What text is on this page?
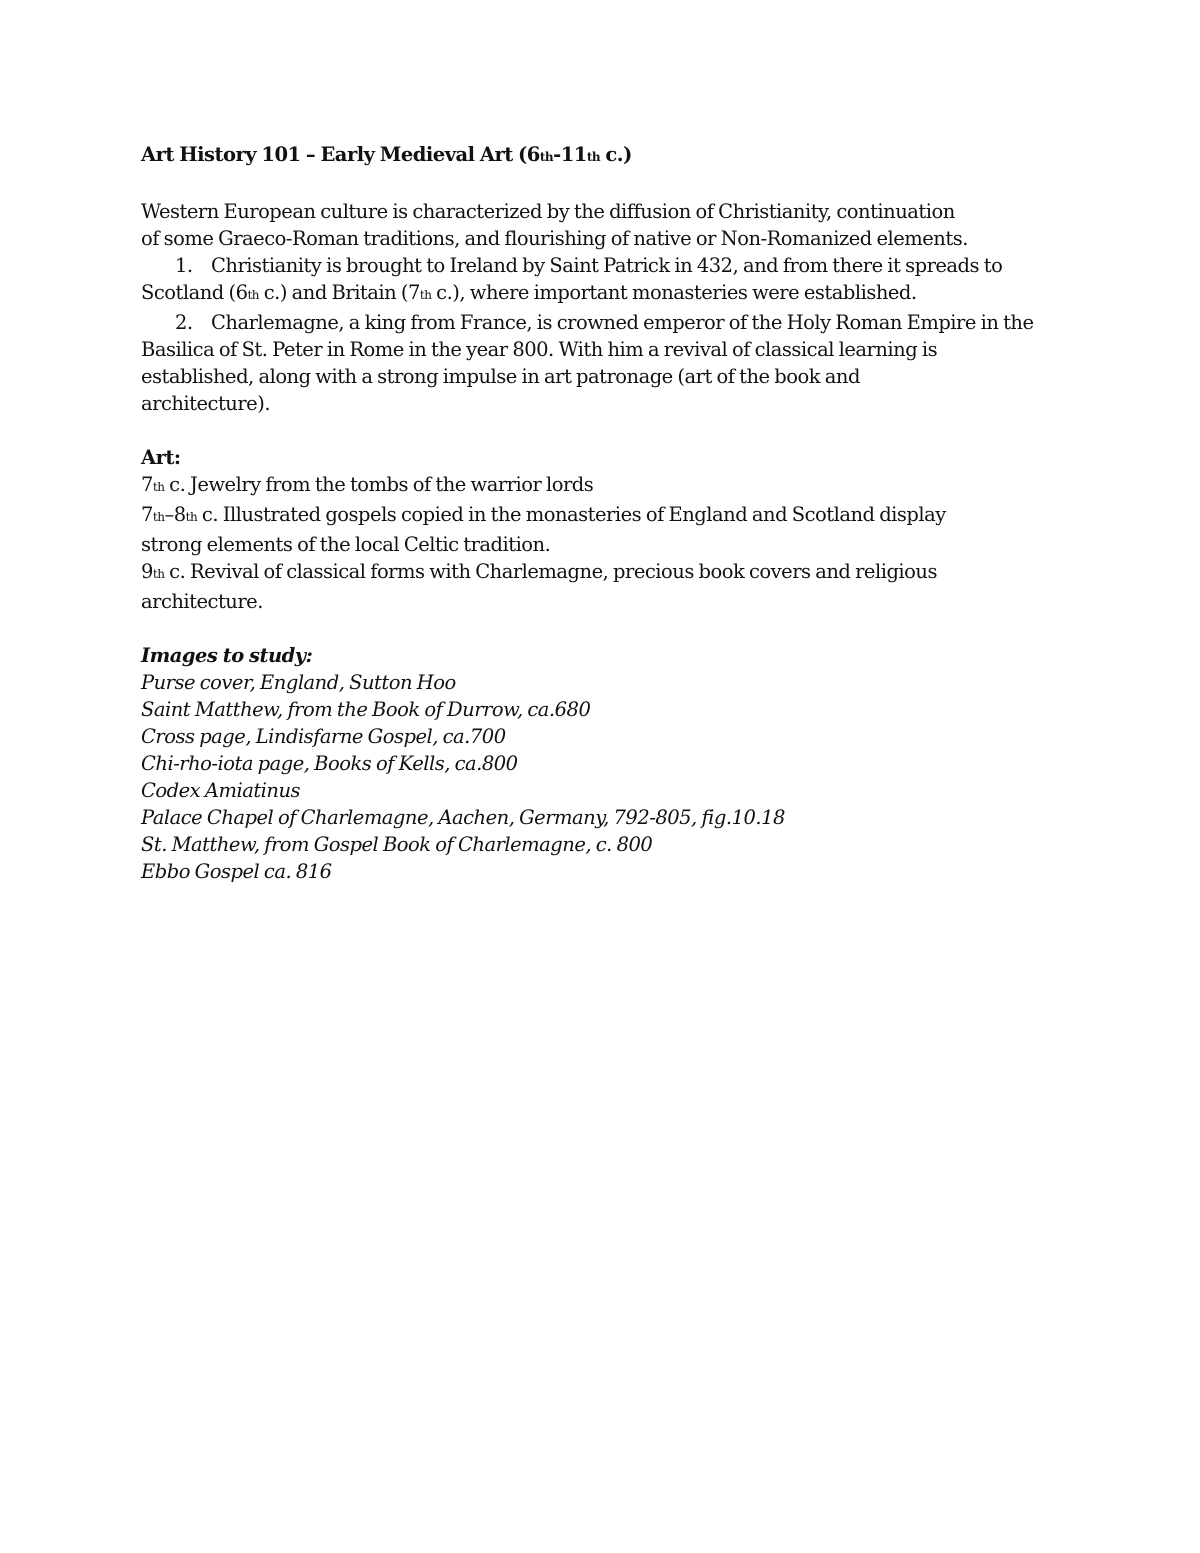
Art History 101 – Early Medieval Art (6th-11th c.)
Western European culture is characterized by the diffusion of Christianity, continuation
of some Graeco-Roman traditions, and flourishing of native or Non-Romanized elements.
1. Christianity is brought to Ireland by Saint Patrick in 432, and from there it spreads to
Scotland (6th c.) and Britain (7th c.), where important monasteries were established.
2. Charlemagne, a king from France, is crowned emperor of the Holy Roman Empire in the
Basilica of St. Peter in Rome in the year 800. With him a revival of classical learning is
established, along with a strong impulse in art patronage (art of the book and
architecture).
Art:
7th c. Jewelry from the tombs of the warrior lords
7th–8th c. Illustrated gospels copied in the monasteries of England and Scotland display
strong elements of the local Celtic tradition.
9th c. Revival of classical forms with Charlemagne, precious book covers and religious
architecture.
Images to study:
Purse cover, England, Sutton Hoo
Saint Matthew, from the Book of Durrow, ca.680
Cross page, Lindisfarne Gospel, ca.700
Chi-rho-iota page, Books of Kells, ca.800
Codex Amiatinus
Palace Chapel of Charlemagne, Aachen, Germany, 792-805, fig.10.18
St. Matthew, from Gospel Book of Charlemagne, c. 800
Ebbo Gospel ca. 816
